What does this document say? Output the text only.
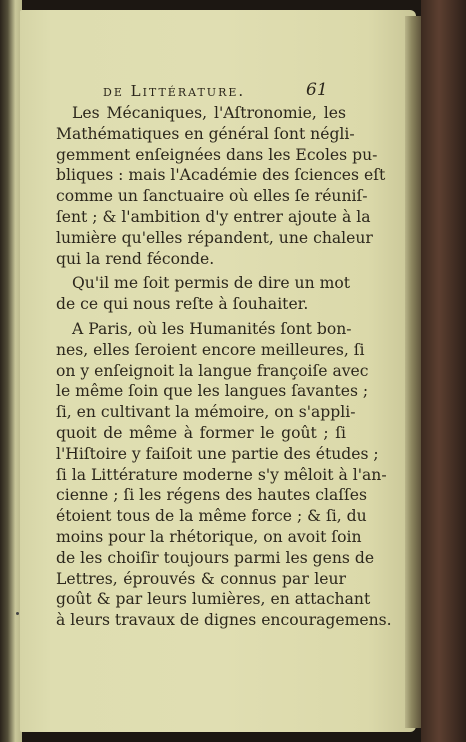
de Littérature.	61
Les Mécaniques, l'Aſtronomie, les
Mathématiques en général ſont négli-
gemment enſeignées dans les Ecoles pu-
bliques : mais l'Académie des ſciences eſt
comme un ſanctuaire où elles ſe réuniſ-
ſent ; & l'ambition d'y entrer ajoute à la
lumière qu'elles répandent, une chaleur
qui la rend féconde.
Qu'il me ſoit permis de dire un mot
de ce qui nous reſte à ſouhaiter.
A Paris, où les Humanités ſont bon-
nes, elles ſeroient encore meilleures, ſi
on y enſeignoit la langue françoiſe avec
le même ſoin que les langues ſavantes ;
ſi, en cultivant la mémoire, on s'appli-
quoit de même à former le goût ; ſi
l'Hiſtoire y faiſoit une partie des études ;
ſi la Littérature moderne s'y mêloit à l'an-
cienne ; ſi les régens des hautes claſſes
étoient tous de la même force ; & ſi, du
moins pour la rhétorique, on avoit ſoin
de les choiſir toujours parmi les gens de
Lettres, éprouvés & connus par leur
goût & par leurs lumières, en attachant
à leurs travaux de dignes encouragemens.
